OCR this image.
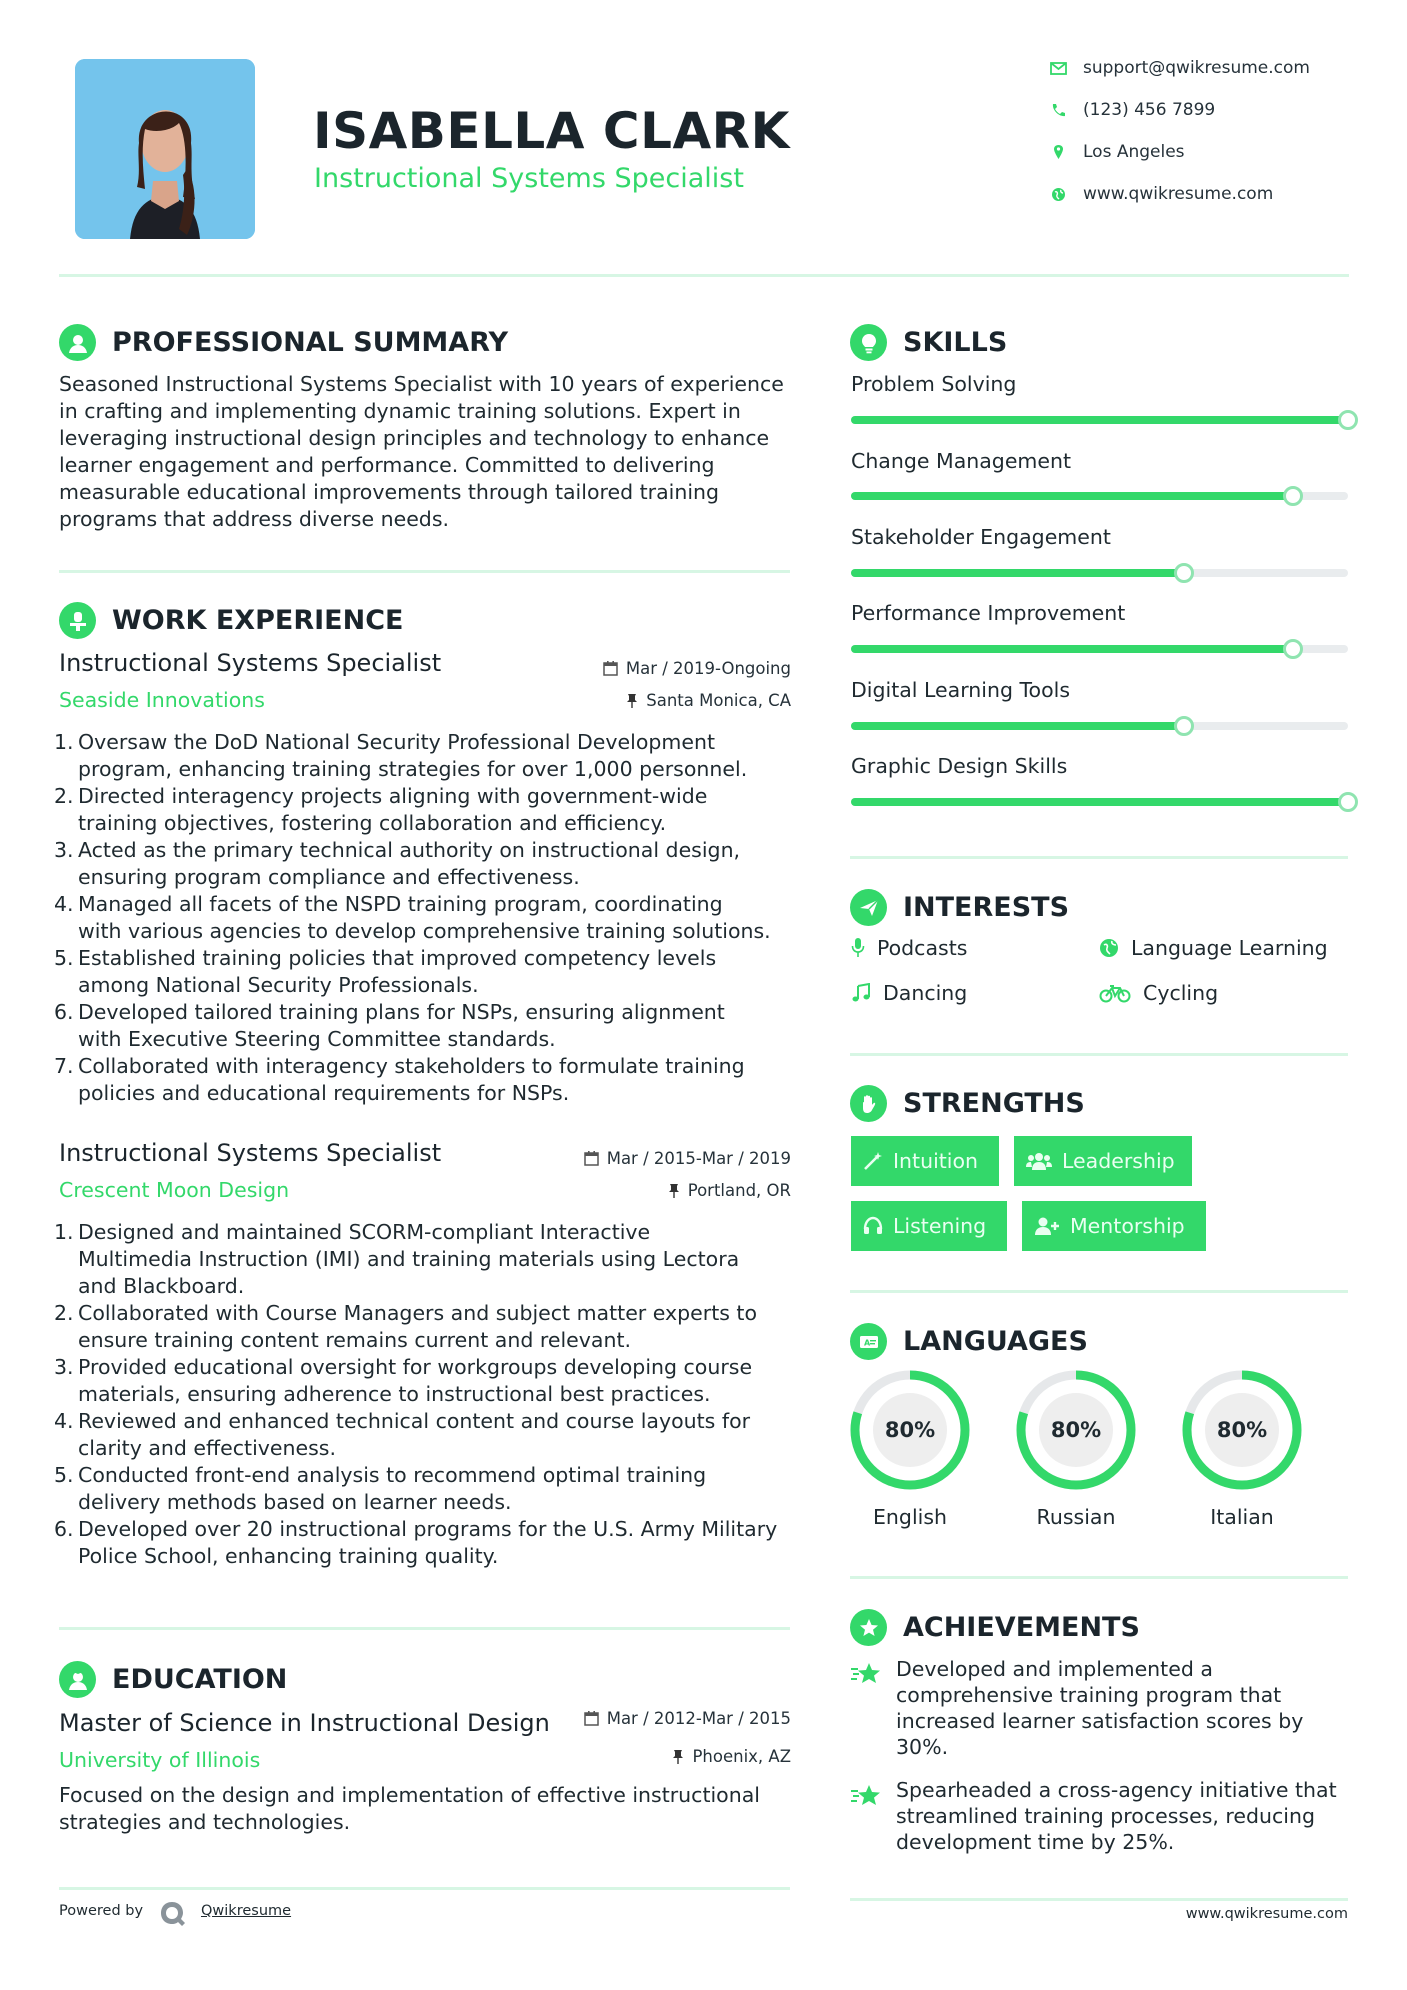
ISABELLA CLARK
Instructional Systems Specialist
support@qwikresume.com
(123) 456 7899
Los Angeles
www.qwikresume.com
PROFESSIONAL SUMMARY
Seasoned Instructional Systems Specialist with 10 years of experience
in crafting and implementing dynamic training solutions. Expert in
leveraging instructional design principles and technology to enhance
learner engagement and performance. Committed to delivering
measurable educational improvements through tailored training
programs that address diverse needs.
WORK EXPERIENCE
Instructional Systems Specialist
Seaside Innovations
Mar / 2019-Ongoing
Santa Monica, CA
1. Oversaw the DoD National Security Professional Development
program, enhancing training strategies for over 1,000 personnel.
2. Directed interagency projects aligning with government-wide
training objectives, fostering collaboration and efficiency.
3. Acted as the primary technical authority on instructional design,
ensuring program compliance and effectiveness.
4. Managed all facets of the NSPD training program, coordinating
with various agencies to develop comprehensive training solutions.
5. Established training policies that improved competency levels
among National Security Professionals.
6. Developed tailored training plans for NSPs, ensuring alignment
with Executive Steering Committee standards.
7. Collaborated with interagency stakeholders to formulate training
policies and educational requirements for NSPs.
Instructional Systems Specialist
Crescent Moon Design
Mar / 2015-Mar / 2019
Portland, OR
1. Designed and maintained SCORM-compliant Interactive
Multimedia Instruction (IMI) and training materials using Lectora
and Blackboard.
2. Collaborated with Course Managers and subject matter experts to
ensure training content remains current and relevant.
3. Provided educational oversight for workgroups developing course
materials, ensuring adherence to instructional best practices.
4. Reviewed and enhanced technical content and course layouts for
clarity and effectiveness.
5. Conducted front-end analysis to recommend optimal training
delivery methods based on learner needs.
6. Developed over 20 instructional programs for the U.S. Army Military
Police School, enhancing training quality.
EDUCATION
Master of Science in Instructional Design
University of Illinois
Mar / 2012-Mar / 2015
Phoenix, AZ
Focused on the design and implementation of effective instructional
strategies and technologies.
Powered by	Qwikresume
SKILLS
Problem Solving
Change Management
Stakeholder Engagement
Performance Improvement
Digital Learning Tools
Graphic Design Skills
INTERESTS
Podcasts	Language Learning
Dancing	Cycling
STRENGTHS
Intuition	Leadership
Listening	Mentorship
A LANGUAGES
80%
English
80%
Russian
80%
Italian
ACHIEVEMENTS
Developed and implemented a
comprehensive training program that
increased learner satisfaction scores by
30%.
Spearheaded a cross-agency initiative that
streamlined training processes, reducing
development time by 25%.
www.qwikresume.com
